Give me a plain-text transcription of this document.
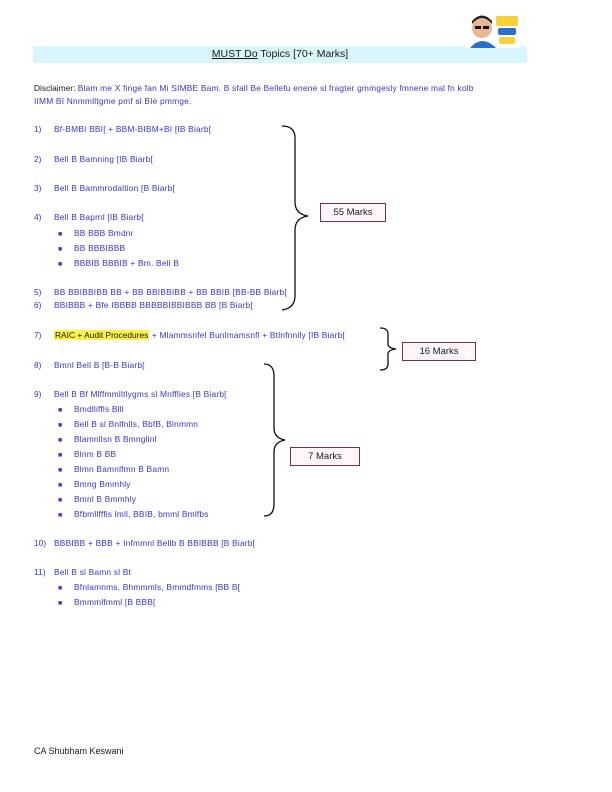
MUST Do Topics [70+ Marks]
Disclaimer: Blam me X finge fan Mi SIMBE Bam. B sfall Be Bellefu enene sl fragter gmmgesly fmnene mal fn kolb
IIMM BI Nnmmlltgme pmf sl BIe pmmge.
1) Bf-BMBI BBI[ + BBM-BIBM+BI [IB Biarb[
2) Bell B Bamning [IB Biarb[
3) Bell B Bammrodaltion [B Biarb[
4) Bell B Bapmt [IB Biarb[
■ BB BBB Bmdnr
■ BB BBBIBBB
■ BBBIB BBBIB + Bm. Bell B
5) BB BBIBBIBB BB + BB BBIBBIBB + BB BBIB [BB-BB Biarb[
6) BBIBBB + Bfe IBBBB BBBBBIBBIBBB BB [B Biarb[
7) RAIC + Audit Procedures + Mlammsnfel Bunlmamsnfl + Btlnfnnlly [IB Biarb[
8) Bmnl Bell B [B-B Biarb[
9) Bell B Bf Mlffmmlltlygms sl Mnfflies [B Biarb[
■ Bmdlliffls Blll
■ Bell B sl Bnlfnlls, BbfB, Blnmmn
■ Blamnllsn B Bmnglinl
■ Blnm B BB
■ Blmn Bamnlfmn B Bamn
■ Bmng Bmmhly
■ Bmnl B Bmmhly
■ Bfbmllfffis lmll, BBIB, bmml Bmlfbs
10) BBBIBB + BBB + Infmmnl Bellb B BBIBBB [B Biarb[
11) Bell B sl Bamn sl Bt
■ Bfnlamnms, Bhmmmls, Bmmdfmms [BB B[
■ Bmmmlfmml [B BBB[
55 Marks
16 Marks
7 Marks
CA Shubham Keswani
